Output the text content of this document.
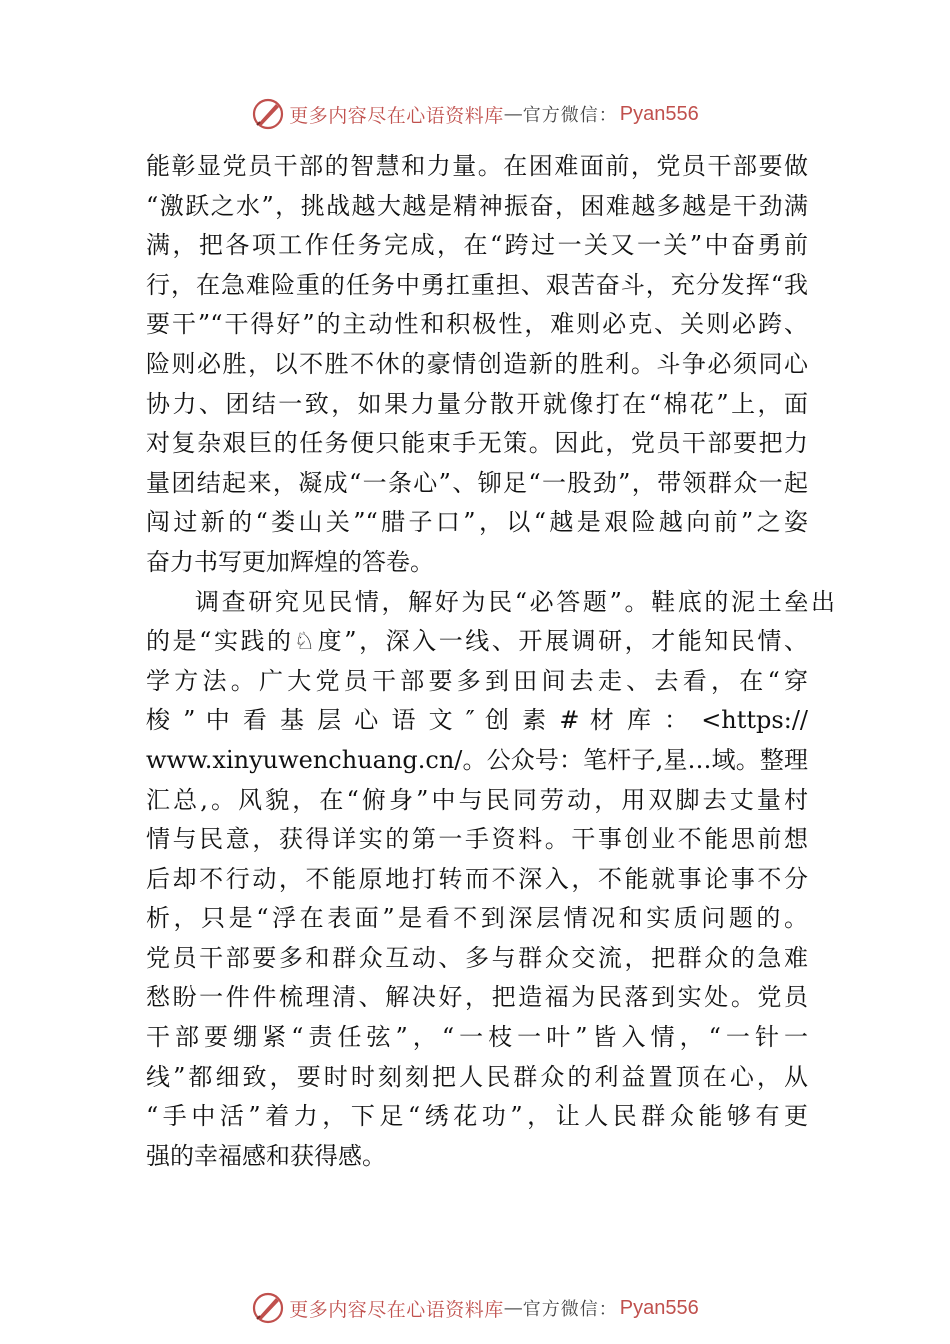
更多内容尽在心语资料库 — 官方微信： Pyan556
能彰显党员干部的智慧和力量。在困难面前，党员干部要做
“激跃之水”，挑战越大越是精神振奋，困难越多越是干劲满
满，把各项工作任务完成，在“跨过一关又一关”中奋勇前
行，在急难险重的任务中勇扛重担、艰苦奋斗，充分发挥“我
要干”“干得好”的主动性和积极性，难则必克、关则必跨、
险则必胜，以不胜不休的豪情创造新的胜利。斗争必须同心
协力、团结一致，如果力量分散开就像打在“棉花”上，面
对复杂艰巨的任务便只能束手无策。因此，党员干部要把力
量团结起来，凝成“一条心”、铆足“一股劲”，带领群众一起
闯过新的“娄山关”“腊子口”，以“越是艰险越向前”之姿
奋力书写更加辉煌的答卷。
调查研究见民情，解好为民“必答题”。鞋底的泥土垒出
的是“实践的♘度”，深入一线、开展调研，才能知民情、
学方法。广大党员干部要多到田间去走、去看，在“穿
梭 ” 中 看 基 层 心 语 文 ″ 创 素 # 材 库 ： <https://
www.xinyuwenchuang.cn/。公众号：笔杆子,星…域。整理
汇总,。风貌，在“俯身”中与民同劳动，用双脚去丈量村
情与民意，获得详实的第一手资料。干事创业不能思前想
后却不行动，不能原地打转而不深入，不能就事论事不分
析，只是“浮在表面”是看不到深层情况和实质问题的。
党员干部要多和群众互动、多与群众交流，把群众的急难
愁盼一件件梳理清、解决好，把造福为民落到实处。党员
干部要绷紧“责任弦”，“一枝一叶”皆入情，“一针一
线”都细致，要时时刻刻把人民群众的利益置顶在心，从
“手中活”着力，下足“绣花功”，让人民群众能够有更
强的幸福感和获得感。
更多内容尽在心语资料库 — 官方微信： Pyan556
